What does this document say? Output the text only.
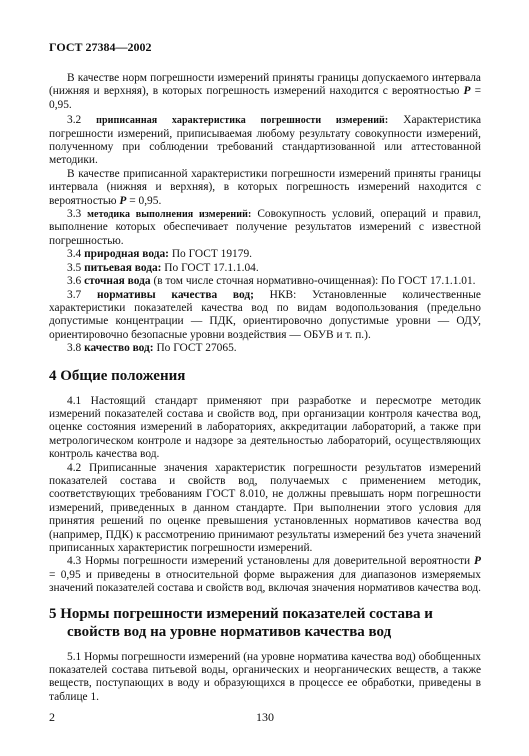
ГОСТ 27384—2002

В качестве норм погрешности измерений приняты границы допускаемого интервала (нижняя и верхняя), в которых погрешность измерений находится с вероятностью P = 0,95.

3.2 приписанная характеристика погрешности измерений: Характеристика погрешности измерений, приписываемая любому результату совокупности измерений, полученному при соблюдении требований стандартизованной или аттестованной методики.

В качестве приписанной характеристики погрешности измерений приняты границы интервала (нижняя и верхняя), в которых погрешность измерений находится с вероятностью P = 0,95.

3.3 методика выполнения измерений: Совокупность условий, операций и правил, выполнение которых обеспечивает получение результатов измерений с известной погрешностью.

3.4 природная вода: По ГОСТ 19179.

3.5 питьевая вода: По ГОСТ 17.1.1.04.

3.6 сточная вода (в том числе сточная нормативно-очищенная): По ГОСТ 17.1.1.01.

3.7 нормативы качества вод; НКВ: Установленные количественные характеристики показателей качества вод по видам водопользования (предельно допустимые концентрации — ПДК, ориентировочно допустимые уровни — ОДУ, ориентировочно безопасные уровни воздействия — ОБУВ и т. п.).

3.8 качество вод: По ГОСТ 27065.

4 Общие положения

4.1 Настоящий стандарт применяют при разработке и пересмотре методик измерений показателей состава и свойств вод, при организации контроля качества вод, оценке состояния измерений в лабораториях, аккредитации лабораторий, а также при метрологическом контроле и надзоре за деятельностью лабораторий, осуществляющих контроль качества вод.

4.2 Приписанные значения характеристик погрешности результатов измерений показателей состава и свойств вод, получаемых с применением методик, соответствующих требованиям ГОСТ 8.010, не должны превышать норм погрешности измерений, приведенных в данном стандарте. При выполнении этого условия для принятия решений по оценке превышения установленных нормативов качества вод (например, ПДК) к рассмотрению принимают результаты измерений без учета значений приписанных характеристик погрешности измерений.

4.3 Нормы погрешности измерений установлены для доверительной вероятности P = 0,95 и приведены в относительной форме выражения для диапазонов измеряемых значений показателей состава и свойств вод, включая значения нормативов качества вод.

5 Нормы погрешности измерений показателей состава и свойств вод на уровне нормативов качества вод

5.1 Нормы погрешности измерений (на уровне норматива качества вод) обобщенных показателей состава питьевой воды, органических и неорганических веществ, а также веществ, поступающих в воду и образующихся в процессе ее обработки, приведены в таблице 1.

2	130
